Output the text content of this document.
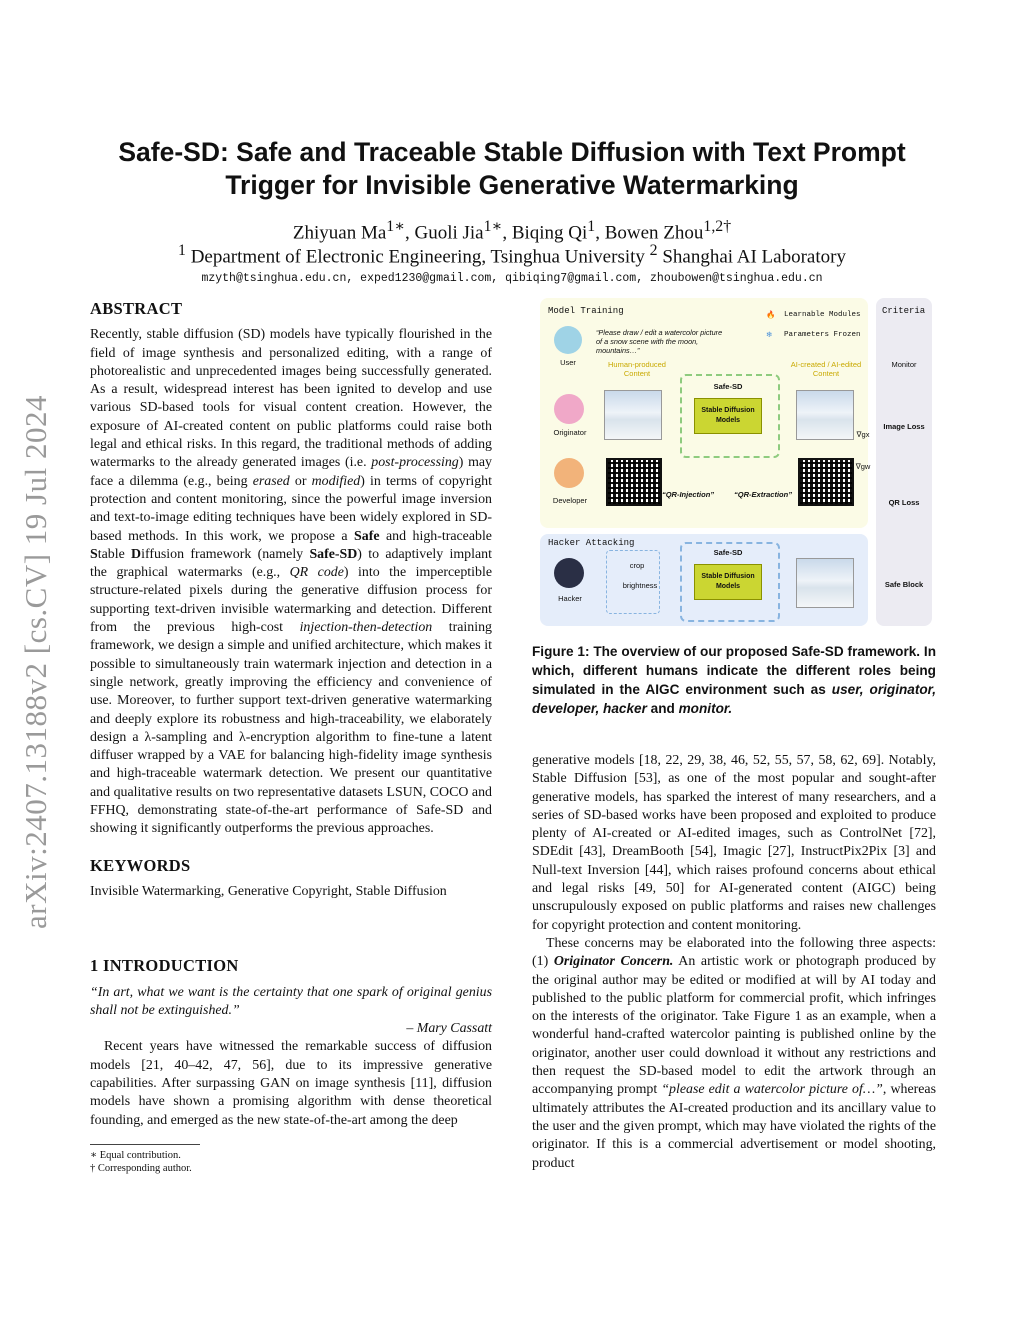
arXiv:2407.13188v2 [cs.CV] 19 Jul 2024
Safe-SD: Safe and Traceable Stable Diffusion with Text Prompt
Trigger for Invisible Generative Watermarking
Zhiyuan $Ma^{1∗}$, Guoli Jia$^{1∗}$, Biqing Qi$^1$, Bowen Zhou$^{1,2\dagger}$
$^1$ Department of Electronic Engineering, Tsinghua University $^2$ Shanghai AI Laboratory
mzyth@tsinghua.edu.cn, exped1230@gmail.com, qibiqing7@gmail.com, zhoubowen@tsinghua.edu.cn
ABSTRACT

Recently, stable diffusion (SD) models have typically flourished in the field of image synthesis and personalized editing, with a range of photorealistic and unprecedented images being successfully generated. As a result, widespread interest has been ignited to develop and use various SD-based tools for visual content creation. However, the exposure of AI-created content on public platforms could raise both legal and ethical risks. In this regard, the traditional methods of adding watermarks to the already generated images (i.e. post-processing) may face a dilemma (e.g., being erased or modified) in terms of copyright protection and content monitoring, since the powerful image inversion and text-to-image editing techniques have been widely explored in SD-based methods. In this work, we propose a Safe and high-traceable Stable Diffusion framework (namely Safe-SD) to adaptively implant the graphical watermarks (e.g., QR code) into the imperceptible structure-related pixels during the generative diffusion process for supporting text-driven invisible watermarking and detection. Different from the previous high-cost injection-then-detection training framework, we design a simple and unified architecture, which makes it possible to simultaneously train watermark injection and detection in a single network, greatly improving the efficiency and convenience of use. Moreover, to further support text-driven generative watermarking and deeply explore its robustness and high-traceability, we elaborately design a λ-sampling and λ-encryption algorithm to fine-tune a latent diffuser wrapped by a VAE for balancing high-fidelity image synthesis and high-traceable watermark detection. We present our quantitative and qualitative results on two representative datasets LSUN, COCO and FFHQ, demonstrating state-of-the-art performance of Safe-SD and showing it significantly outperforms the previous approaches.

KEYWORDS

Invisible Watermarking, Generative Copyright, Stable Diffusion

1 INTRODUCTION

“In art, what we want is the certainty that one spark of original genius shall not be extinguished.”

– Mary Cassatt

Recent years have witnessed the remarkable success of diffusion models [21, 40–42, 47, 56], due to its impressive generative capabilities. After surpassing GAN on image synthesis [11], diffusion models have shown a promising algorithm with dense theoretical founding, and emerged as the new state-of-the-art among the deep

∗ Equal contribution.
† Corresponding author.
Model Training
Hacker Attacking
Criteria
🔥 Learnable Modules
❄ Parameters Frozen
“Please draw / edit a watercolor picture of a snow scene with the moon, mountains…”
User
Originator
Developer
Hacker
Human-produced Content
AI-created / AI-edited Content
Safe-SD
Stable Diffusion Models
“QR-Injection”	“QR-Extraction”
∇gx
∇gw
crop
brightness
Safe-SD
Stable Diffusion Models
Monitor
Image Loss
QR Loss
Safe Block

Figure 1: The overview of our proposed Safe-SD framework. In which, different humans indicate the different roles being simulated in the AIGC environment such as user, originator, developer, hacker and monitor.

generative models [18, 22, 29, 38, 46, 52, 55, 57, 58, 62, 69]. Notably, Stable Diffusion [53], as one of the most popular and sought-after generative models, has sparked the interest of many researchers, and a series of SD-based works have been proposed and exploited to produce plenty of AI-created or AI-edited images, such as ControlNet [72], SDEdit [43], DreamBooth [54], Imagic [27], InstructPix2Pix [3] and Null-text Inversion [44], which raises profound concerns about ethical and legal risks [49, 50] for AI-generated content (AIGC) being unscrupulously exposed on public platforms and raises new challenges for copyright protection and content monitoring.

These concerns may be elaborated into the following three aspects: (1) Originator Concern. An artistic work or photograph produced by the original author may be edited or modified at will by AI today and published to the public platform for commercial profit, which infringes on the interests of the originator. Take Figure 1 as an example, when a wonderful hand-crafted watercolor painting is published online by the originator, another user could download it without any restrictions and then request the SD-based model to edit the artwork through an accompanying prompt “please edit a watercolor picture of…”, whereas ultimately attributes the AI-created production and its ancillary value to the user and the given prompt, which may have violated the rights of the originator. If this is a commercial advertisement or model shooting, product
